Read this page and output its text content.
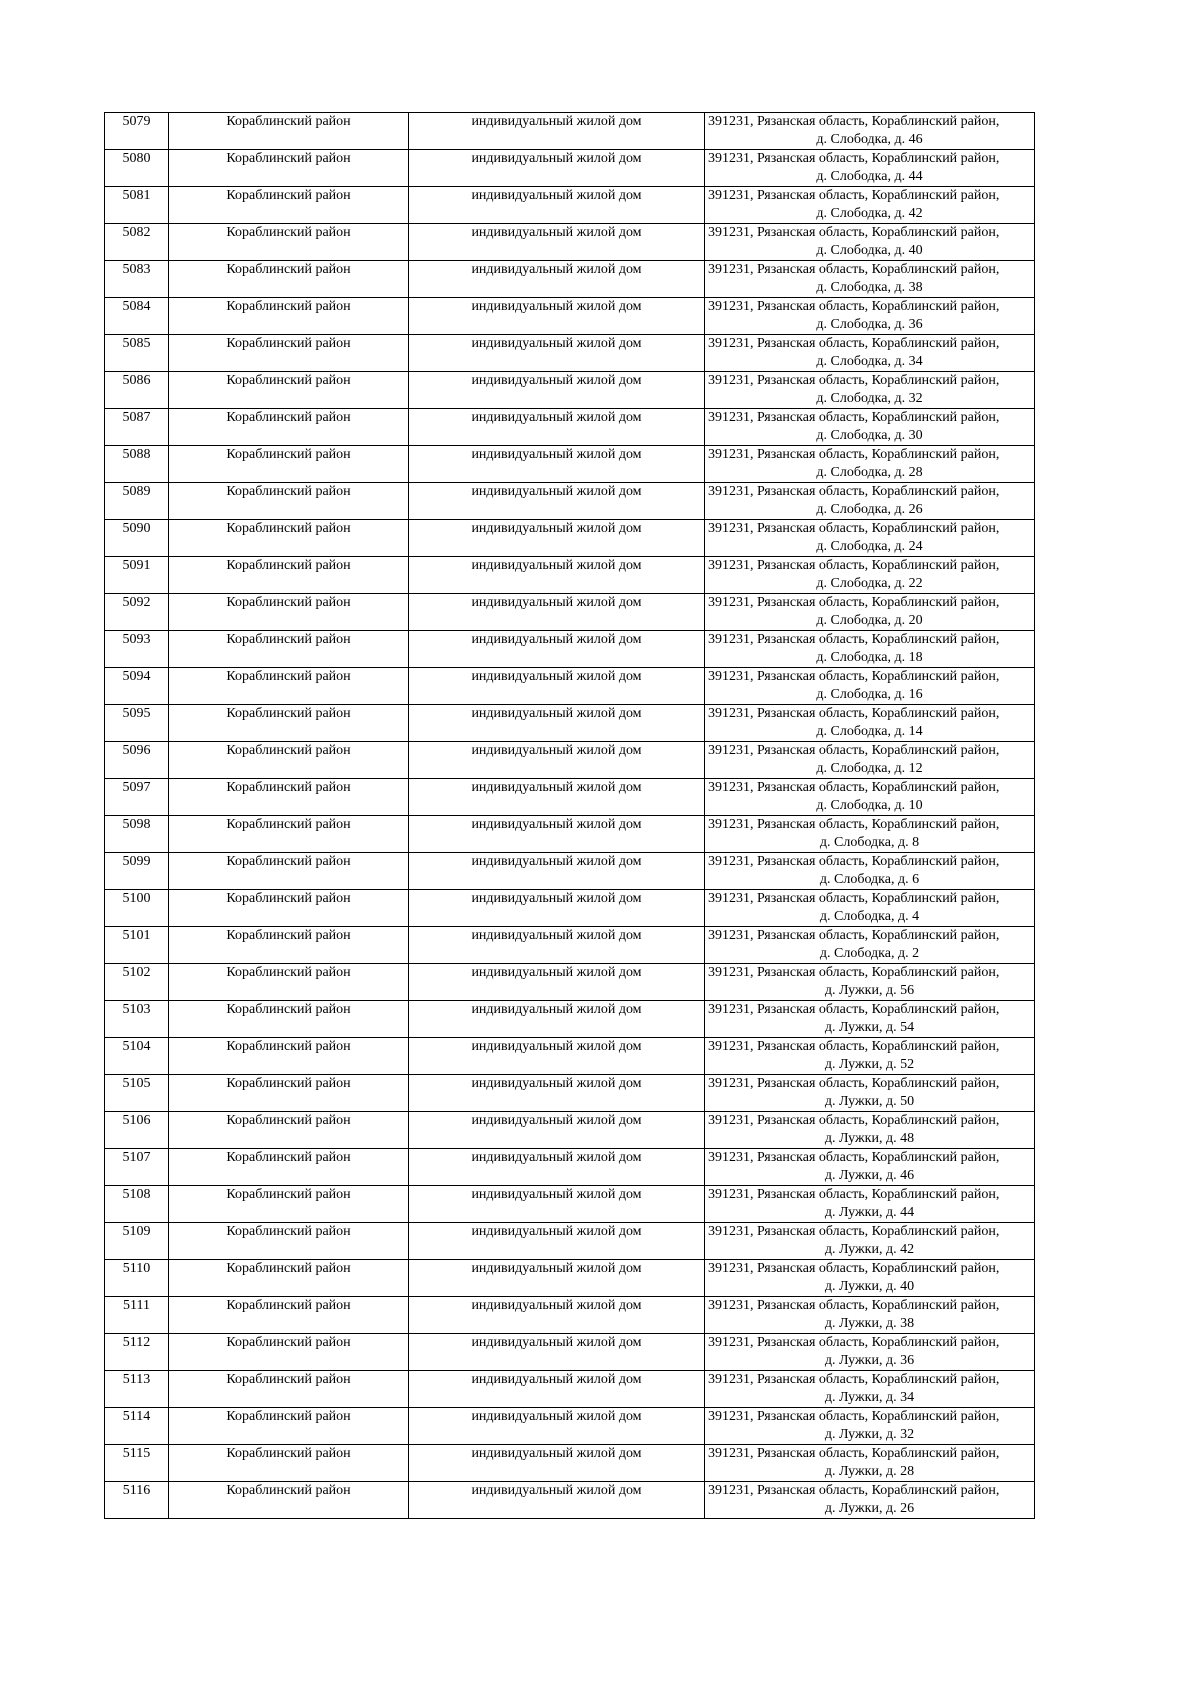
5079	Кораблинский район	индивидуальный жилой дом	391231, Рязанская область, Кораблинский район,
д. Слободка, д. 46

5080	Кораблинский район	индивидуальный жилой дом	391231, Рязанская область, Кораблинский район,
д. Слободка, д. 44

5081	Кораблинский район	индивидуальный жилой дом	391231, Рязанская область, Кораблинский район,
д. Слободка, д. 42

5082	Кораблинский район	индивидуальный жилой дом	391231, Рязанская область, Кораблинский район,
д. Слободка, д. 40

5083	Кораблинский район	индивидуальный жилой дом	391231, Рязанская область, Кораблинский район,
д. Слободка, д. 38

5084	Кораблинский район	индивидуальный жилой дом	391231, Рязанская область, Кораблинский район,
д. Слободка, д. 36

5085	Кораблинский район	индивидуальный жилой дом	391231, Рязанская область, Кораблинский район,
д. Слободка, д. 34

5086	Кораблинский район	индивидуальный жилой дом	391231, Рязанская область, Кораблинский район,
д. Слободка, д. 32

5087	Кораблинский район	индивидуальный жилой дом	391231, Рязанская область, Кораблинский район,
д. Слободка, д. 30

5088	Кораблинский район	индивидуальный жилой дом	391231, Рязанская область, Кораблинский район,
д. Слободка, д. 28

5089	Кораблинский район	индивидуальный жилой дом	391231, Рязанская область, Кораблинский район,
д. Слободка, д. 26

5090	Кораблинский район	индивидуальный жилой дом	391231, Рязанская область, Кораблинский район,
д. Слободка, д. 24

5091	Кораблинский район	индивидуальный жилой дом	391231, Рязанская область, Кораблинский район,
д. Слободка, д. 22

5092	Кораблинский район	индивидуальный жилой дом	391231, Рязанская область, Кораблинский район,
д. Слободка, д. 20

5093	Кораблинский район	индивидуальный жилой дом	391231, Рязанская область, Кораблинский район,
д. Слободка, д. 18

5094	Кораблинский район	индивидуальный жилой дом	391231, Рязанская область, Кораблинский район,
д. Слободка, д. 16

5095	Кораблинский район	индивидуальный жилой дом	391231, Рязанская область, Кораблинский район,
д. Слободка, д. 14

5096	Кораблинский район	индивидуальный жилой дом	391231, Рязанская область, Кораблинский район,
д. Слободка, д. 12

5097	Кораблинский район	индивидуальный жилой дом	391231, Рязанская область, Кораблинский район,
д. Слободка, д. 10

5098	Кораблинский район	индивидуальный жилой дом	391231, Рязанская область, Кораблинский район,
д. Слободка, д. 8

5099	Кораблинский район	индивидуальный жилой дом	391231, Рязанская область, Кораблинский район,
д. Слободка, д. 6

5100	Кораблинский район	индивидуальный жилой дом	391231, Рязанская область, Кораблинский район,
д. Слободка, д. 4

5101	Кораблинский район	индивидуальный жилой дом	391231, Рязанская область, Кораблинский район,
д. Слободка, д. 2

5102	Кораблинский район	индивидуальный жилой дом	391231, Рязанская область, Кораблинский район,
д. Лужки, д. 56

5103	Кораблинский район	индивидуальный жилой дом	391231, Рязанская область, Кораблинский район,
д. Лужки, д. 54

5104	Кораблинский район	индивидуальный жилой дом	391231, Рязанская область, Кораблинский район,
д. Лужки, д. 52

5105	Кораблинский район	индивидуальный жилой дом	391231, Рязанская область, Кораблинский район,
д. Лужки, д. 50

5106	Кораблинский район	индивидуальный жилой дом	391231, Рязанская область, Кораблинский район,
д. Лужки, д. 48

5107	Кораблинский район	индивидуальный жилой дом	391231, Рязанская область, Кораблинский район,
д. Лужки, д. 46

5108	Кораблинский район	индивидуальный жилой дом	391231, Рязанская область, Кораблинский район,
д. Лужки, д. 44

5109	Кораблинский район	индивидуальный жилой дом	391231, Рязанская область, Кораблинский район,
д. Лужки, д. 42

5110	Кораблинский район	индивидуальный жилой дом	391231, Рязанская область, Кораблинский район,
д. Лужки, д. 40

5111	Кораблинский район	индивидуальный жилой дом	391231, Рязанская область, Кораблинский район,
д. Лужки, д. 38

5112	Кораблинский район	индивидуальный жилой дом	391231, Рязанская область, Кораблинский район,
д. Лужки, д. 36

5113	Кораблинский район	индивидуальный жилой дом	391231, Рязанская область, Кораблинский район,
д. Лужки, д. 34

5114	Кораблинский район	индивидуальный жилой дом	391231, Рязанская область, Кораблинский район,
д. Лужки, д. 32

5115	Кораблинский район	индивидуальный жилой дом	391231, Рязанская область, Кораблинский район,
д. Лужки, д. 28

5116	Кораблинский район	индивидуальный жилой дом	391231, Рязанская область, Кораблинский район,
д. Лужки, д. 26
